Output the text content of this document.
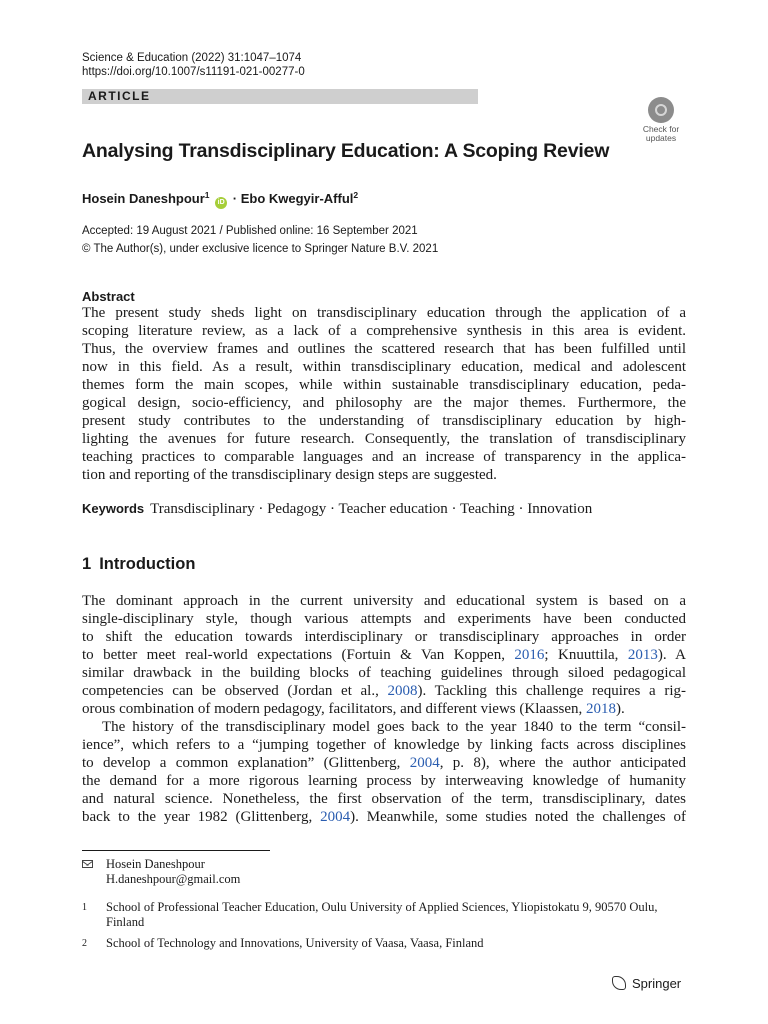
Science & Education (2022) 31:1047–1074
https://doi.org/10.1007/s11191-021-00277-0
ARTICLE
Check for updates
Analysing Transdisciplinary Education: A Scoping Review
Hosein Daneshpour$^1$ iD · Ebo Kwegyir-Afful$^2$
Accepted: 19 August 2021 / Published online: 16 September 2021
© The Author(s), under exclusive licence to Springer Nature B.V. 2021
Abstract
The present study sheds light on transdisciplinary education through the application of a
scoping literature review, as a lack of a comprehensive synthesis in this area is evident.
Thus, the overview frames and outlines the scattered research that has been fulfilled until
now in this field. As a result, within transdisciplinary education, medical and adolescent
themes form the main scopes, while within sustainable transdisciplinary education, peda-
gogical design, socio-efficiency, and philosophy are the major themes. Furthermore, the
present study contributes to the understanding of transdisciplinary education by high-
lighting the avenues for future research. Consequently, the translation of transdisciplinary
teaching practices to comparable languages and an increase of transparency in the applica-
tion and reporting of the transdisciplinary design steps are suggested.
Keywords Transdisciplinary · Pedagogy · Teacher education · Teaching · Innovation
1 Introduction
The dominant approach in the current university and educational system is based on a
single-disciplinary style, though various attempts and experiments have been conducted
to shift the education towards interdisciplinary or transdisciplinary approaches in order
to better meet real-world expectations (Fortuin & Van Koppen, 2016; Knuuttila, 2013). A
similar drawback in the building blocks of teaching guidelines through siloed pedagogical
competencies can be observed (Jordan et al., 2008). Tackling this challenge requires a rig-
orous combination of modern pedagogy, facilitators, and different views (Klaassen, 2018).
The history of the transdisciplinary model goes back to the year 1840 to the term “consil-
ience”, which refers to a “jumping together of knowledge by linking facts across disciplines
to develop a common explanation” (Glittenberg, 2004, p. 8), where the author anticipated
the demand for a more rigorous learning process by interweaving knowledge of humanity
and natural science. Nonetheless, the first observation of the term, transdisciplinary, dates
back to the year 1982 (Glittenberg, 2004). Meanwhile, some studies noted the challenges of
Hosein Daneshpour
H.daneshpour@gmail.com
1 School of Professional Teacher Education, Oulu University of Applied Sciences, Yliopistokatu 9, 90570 Oulu, Finland
2 School of Technology and Innovations, University of Vaasa, Vaasa, Finland
Springer
